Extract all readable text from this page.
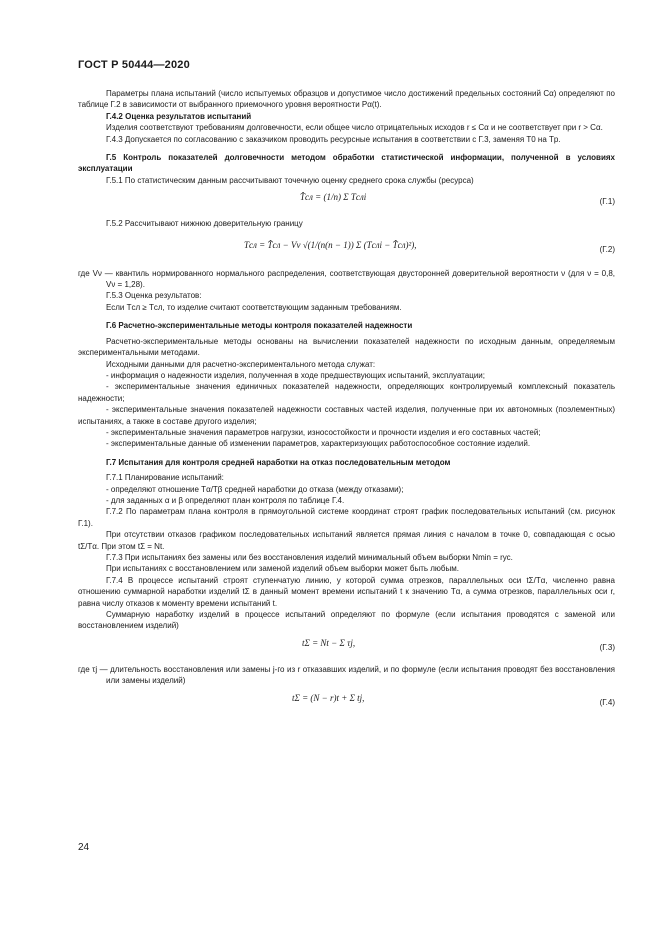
ГОСТ Р 50444—2020

Параметры плана испытаний (число испытуемых образцов и допустимое число достижений предельных состояний Cα) определяют по таблице Г.2 в зависимости от выбранного приемочного уровня вероятности Pα(t).

Г.4.2 Оценка результатов испытаний

Изделия соответствуют требованиям долговечности, если общее число отрицательных исходов r ≤ Cα и не соответствует при r > Cα.

Г.4.3 Допускается по согласованию с заказчиком проводить ресурсные испытания в соответствии с Г.3, заменяя T0 на Tр.

Г.5 Контроль показателей долговечности методом обработки статистической информации, полученной в условиях эксплуатации

Г.5.1 По статистическим данным рассчитывают точечную оценку среднего срока службы (ресурса)

T̂сл = (1/n) Σ Tслi	(Г.1)

Г.5.2 Рассчитывают нижнюю доверительную границу

Tсл = T̂сл − Vν √(1/(n(n − 1)) Σ (Tслi − T̂сл)²),	(Г.2)

где Vν — квантиль нормированного нормального распределения, соответствующая двусторонней доверительной вероятности ν (для ν = 0,8, Vν = 1,28).

Г.5.3 Оценка результатов:

Если Tсл ≥ Tсл, то изделие считают соответствующим заданным требованиям.

Г.6 Расчетно-экспериментальные методы контроля показателей надежности

Расчетно-экспериментальные методы основаны на вычислении показателей надежности по исходным данным, определяемым экспериментальными методами.

Исходными данными для расчетно-экспериментального метода служат:

- информация о надежности изделия, полученная в ходе предшествующих испытаний, эксплуатации;

- экспериментальные значения единичных показателей надежности, определяющих контролируемый комплексный показатель надежности;

- экспериментальные значения показателей надежности составных частей изделия, полученные при их автономных (поэлементных) испытаниях, а также в составе другого изделия;

- экспериментальные значения параметров нагрузки, износостойкости и прочности изделия и его составных частей;

- экспериментальные данные об изменении параметров, характеризующих работоспособное состояние изделий.

Г.7 Испытания для контроля средней наработки на отказ последовательным методом

Г.7.1 Планирование испытаний:

- определяют отношение Tα/Tβ средней наработки до отказа (между отказами);

- для заданных α и β определяют план контроля по таблице Г.4.

Г.7.2 По параметрам плана контроля в прямоугольной системе координат строят график последовательных испытаний (см. рисунок Г.1).

При отсутствии отказов графиком последовательных испытаний является прямая линия с началом в точке 0, совпадающая с осью tΣ/Tα. При этом tΣ = Nt.

Г.7.3 При испытаниях без замены или без восстановления изделий минимальный объем выборки Nmin = rус.

При испытаниях с восстановлением или заменой изделий объем выборки может быть любым.

Г.7.4 В процессе испытаний строят ступенчатую линию, у которой сумма отрезков, параллельных оси tΣ/Tα, численно равна отношению суммарной наработки изделий tΣ в данный момент времени испытаний t к значению Tα, а сумма отрезков, параллельных оси r, равна числу отказов к моменту времени испытаний t.

Суммарную наработку изделий в процессе испытаний определяют по формуле (если испытания проводятся с заменой или восстановлением изделий)

tΣ = Nt − Σ τj,	(Г.3)

где τj — длительность восстановления или замены j-го из r отказавших изделий, и по формуле (если испытания проводят без восстановления или замены изделий)

tΣ = (N − r)t + Σ tj,	(Г.4)
24
